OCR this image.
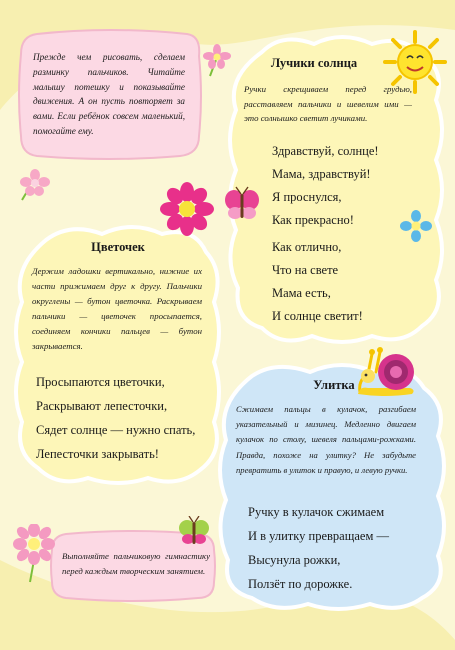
Прежде чем рисовать, сделаем разминку пальчиков. Читайте малышу потешку и показывайте движения. А он пусть повторяет за вами. Если ребёнок совсем маленький, помогайте ему.

Лучики солнца

Ручки скрещиваем перед грудью, расставляем пальчики и шевелим ими — это солнышко светит лучиками.

Здравствуй, солнце!
Мама, здравствуй!
Я проснулся,
Как прекрасно!
Как отлично,
Что на свете
Мама есть,
И солнце светит!
Цветочек

Держим ладошки вертикально, нижние их части прижимаем друг к другу. Пальчики округлены — бутон цветочка. Раскрываем пальчики — цветочек просыпается, соединяем кончики пальцев — бутон закрывается.

Просыпаются цветочки,
Раскрывают лепесточки,
Сядет солнце — нужно спать,
Лепесточки закрывать!
Улитка

Сжимаем пальцы в кулачок, разгибаем указательный и мизинец. Медленно двигаем кулачок по столу, шевеля пальцами-рожками. Правда, похоже на улитку? Не забудьте превратить в улиток и правую, и левую ручки.

Ручку в кулачок сжимаем
И в улитку превращаем —
Высунула рожки,
Ползёт по дорожке.

Выполняйте пальчиковую гимнастику перед каждым творческим занятием.
